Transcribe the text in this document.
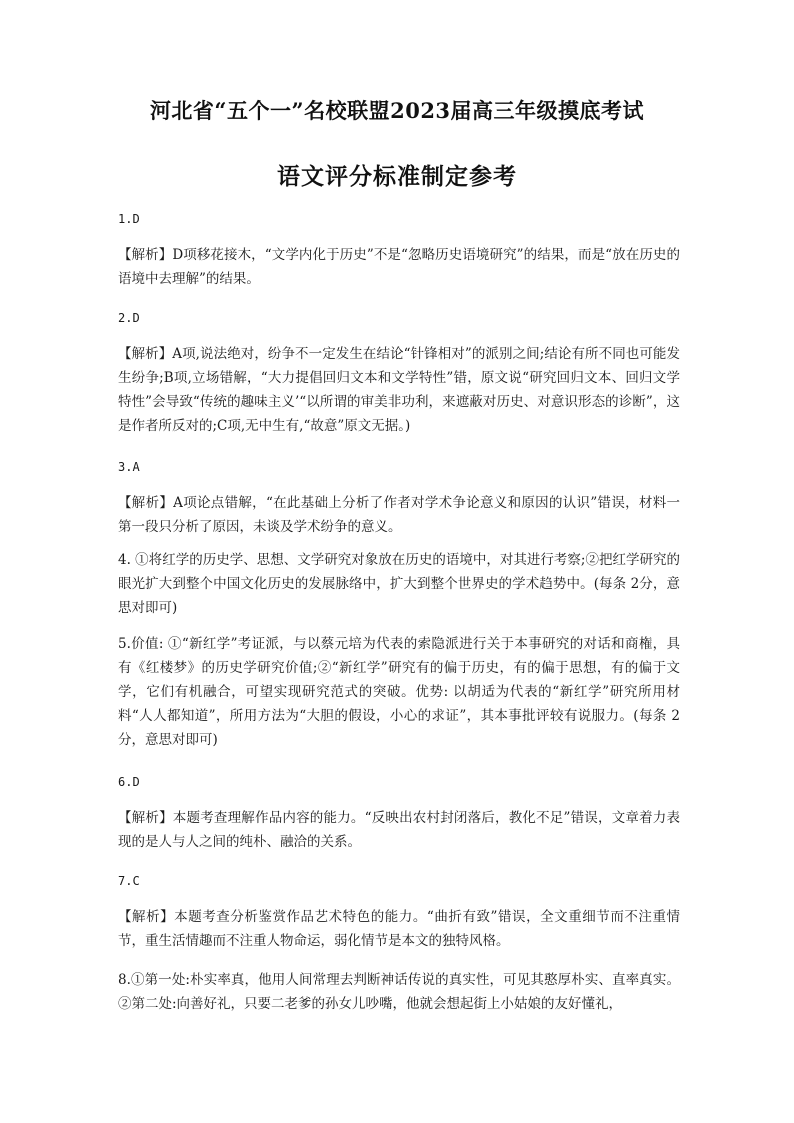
河北省“五个一”名校联盟2023届高三年级摸底考试
语文评分标准制定参考

1.D

【解析】D项移花接木，“文学内化于历史”不是“忽略历史语境研究”的结果，而是“放在历史的语境中去理解”的结果。

2.D

【解析】A项,说法绝对，纷争不一定发生在结论“针锋相对”的派别之间;结论有所不同也可能发生纷争;B项,立场错解，“大力提倡回归文本和文学特性”错，原文说“研究回归文本、回归文学特性”会导致“传统的趣味主义’“以所谓的审美非功利，来遮蔽对历史、对意识形态的诊断”，这是作者所反对的;C项,无中生有,“故意”原文无据。)

3.A

【解析】A项论点错解，“在此基础上分析了作者对学术争论意义和原因的认识”错误，材料一第一段只分析了原因，未谈及学术纷争的意义。

4. ①将红学的历史学、思想、文学研究对象放在历史的语境中，对其进行考察;②把红学研究的眼光扩大到整个中国文化历史的发展脉络中，扩大到整个世界史的学术趋势中。(每条 2分，意思对即可)

5.价值: ①“新红学”考证派，与以蔡元培为代表的索隐派进行关于本事研究的对话和商権，具有《红楼梦》的历史学研究价值;②“新红学”研究有的偏于历史，有的偏于思想，有的偏于文学，它们有机融合，可望实现研究范式的突破。优势: 以胡适为代表的“新红学”研究所用材料“人人都知道”，所用方法为“大胆的假设，小心的求证”，其本事批评较有说服力。(每条 2分，意思对即可)

6.D

【解析】本题考查理解作品内容的能力。“反映出农村封闭落后，教化不足”错误，文章着力表现的是人与人之间的纯朴、融洽的关系。

7.C

【解析】本题考查分析鉴赏作品艺术特色的能力。“曲折有致”错误，全文重细节而不注重情节，重生活情趣而不注重人物命运，弱化情节是本文的独特风格。

8.①第一处:朴实率真，他用人间常理去判断神话传说的真实性，可见其憨厚朴实、直率真实。②第二处:向善好礼，只要二老爹的孙女儿吵嘴，他就会想起街上小姑娘的友好懂礼，
